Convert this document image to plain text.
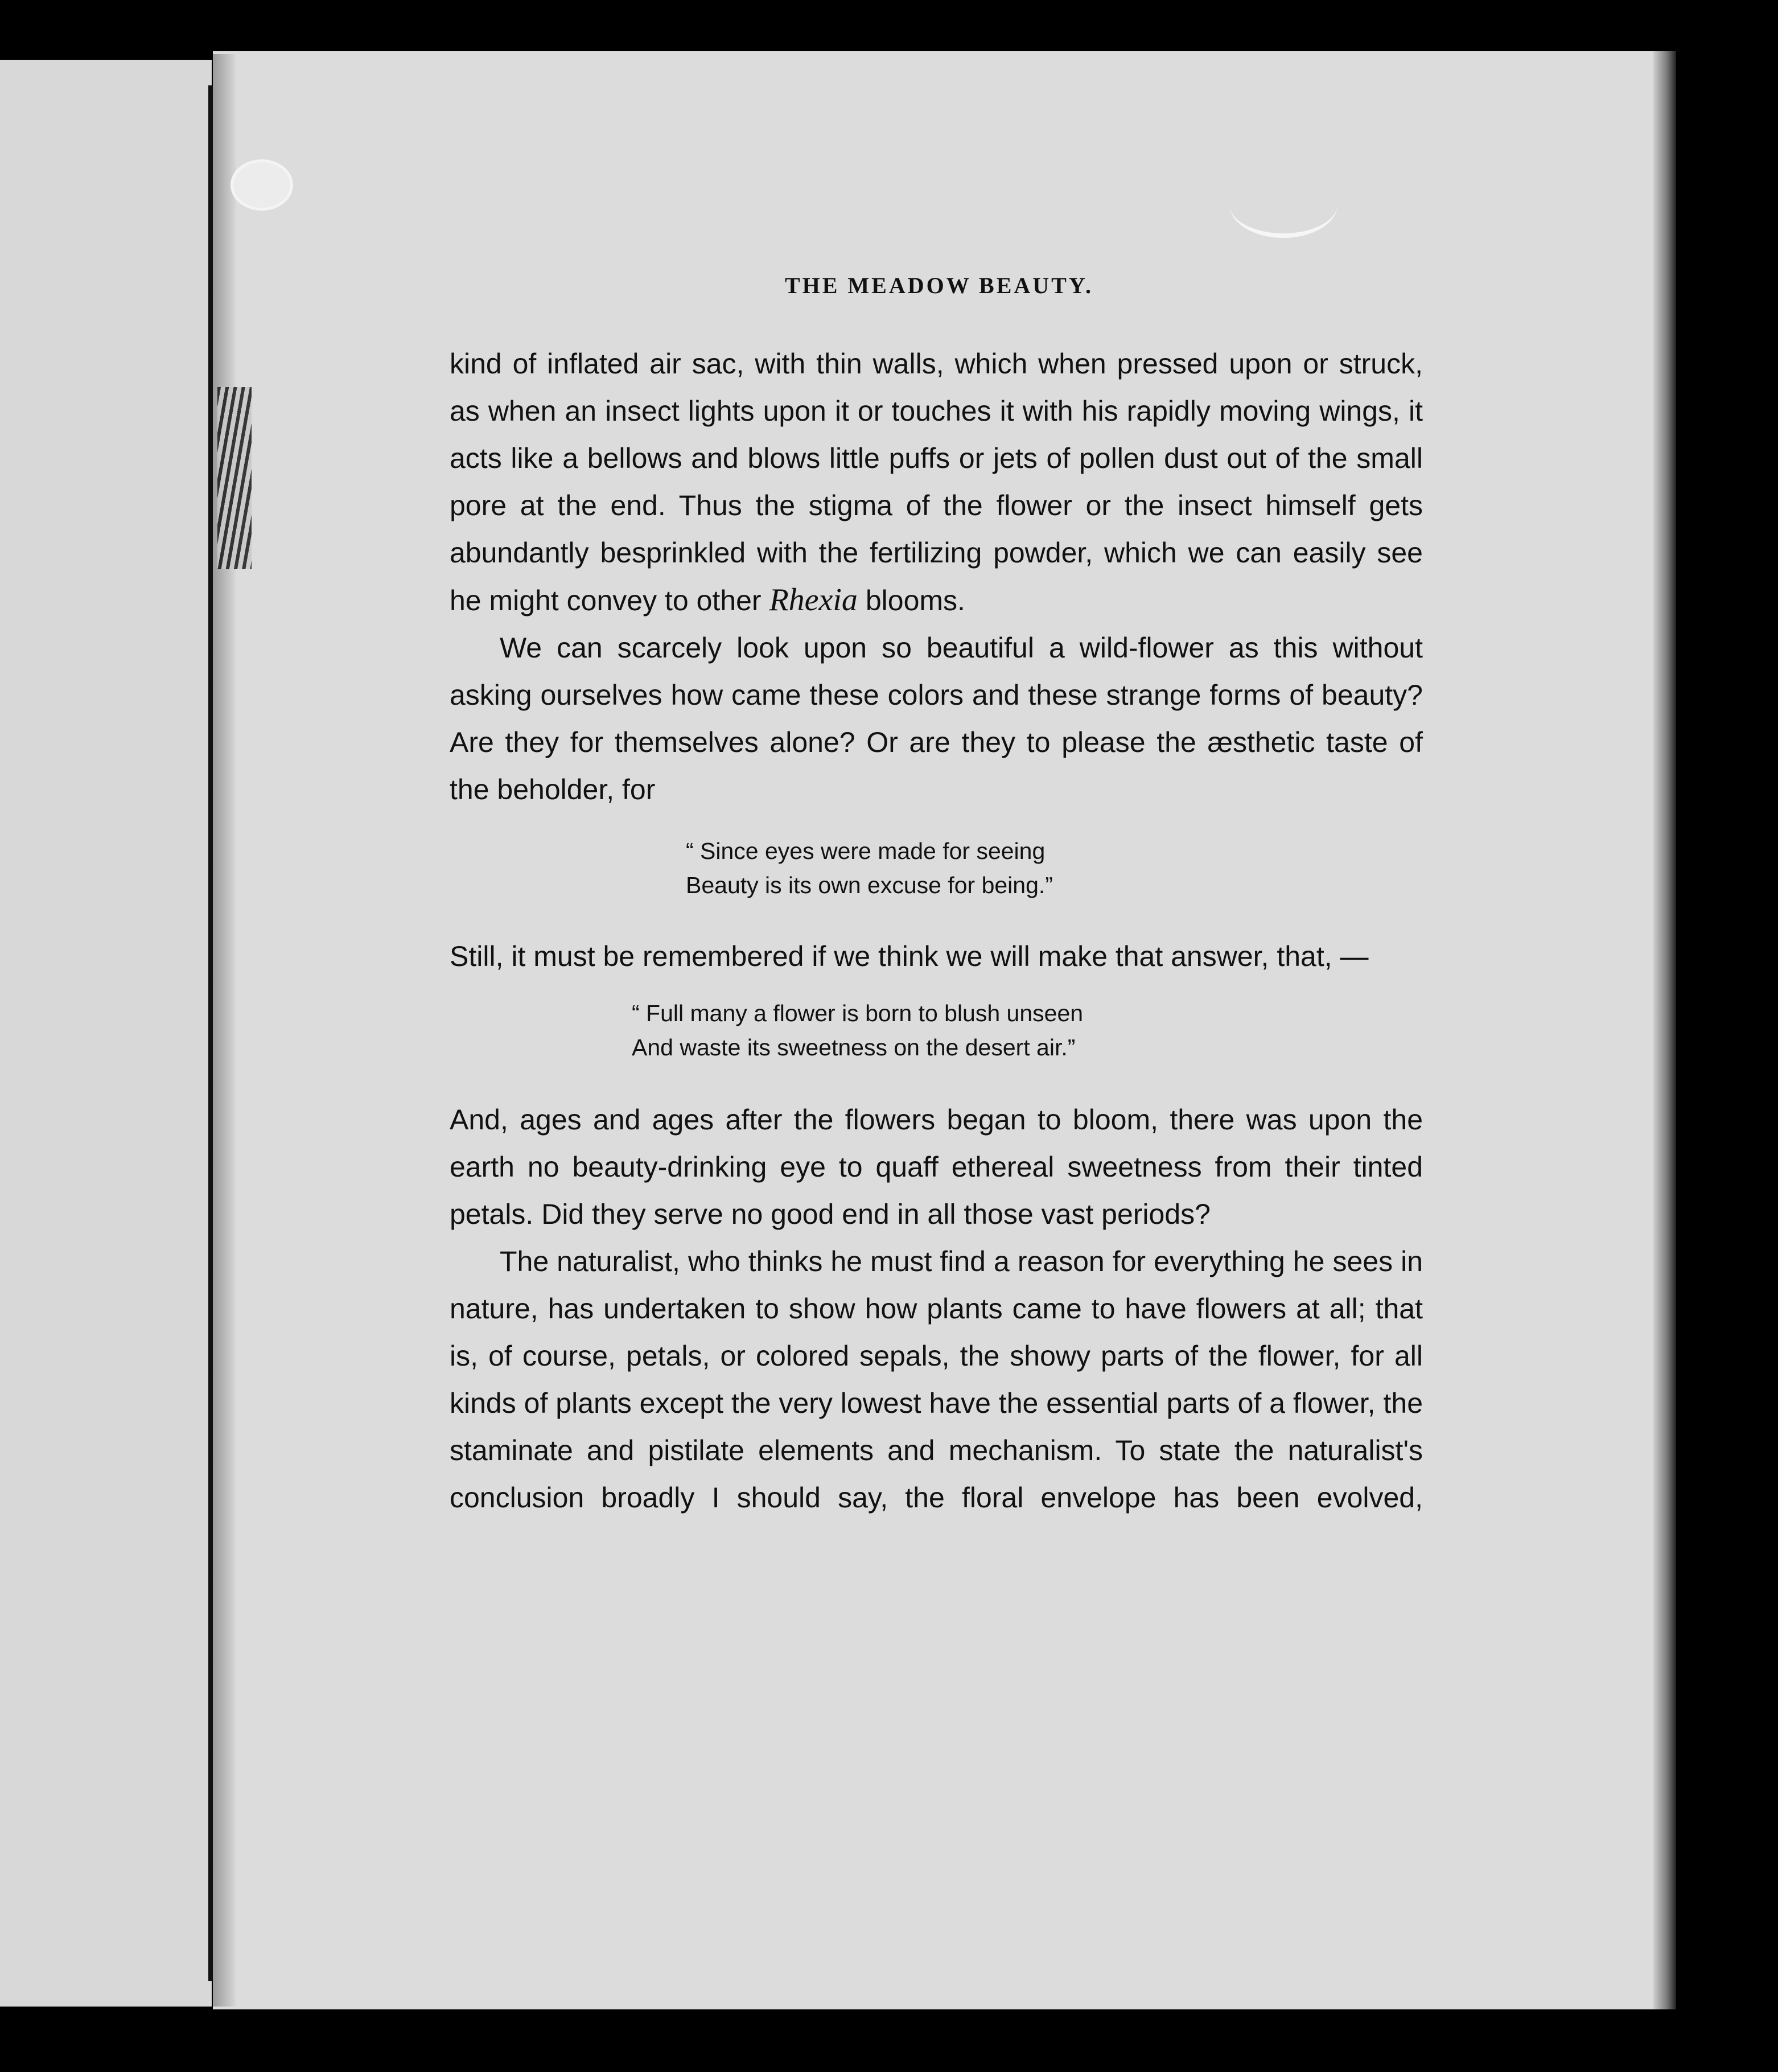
THE MEADOW BEAUTY.

kind of inflated air sac, with thin walls, which when pressed upon or struck, as when an insect lights upon it or touches it with his rapidly moving wings, it acts like a bellows and blows little puffs or jets of pollen dust out of the small pore at the end. Thus the stigma of the flower or the insect himself gets abundantly besprinkled with the fertilizing powder, which we can easily see he might convey to other Rhexia blooms.

We can scarcely look upon so beautiful a wild-flower as this without asking ourselves how came these colors and these strange forms of beauty? Are they for themselves alone? Or are they to please the æsthetic taste of the beholder, for

“ Since eyes were made for seeing
Beauty is its own excuse for being.”

Still, it must be remembered if we think we will make that answer, that, —

“ Full many a flower is born to blush unseen
And waste its sweetness on the desert air.”

And, ages and ages after the flowers began to bloom, there was upon the earth no beauty-drinking eye to quaff ethereal sweetness from their tinted petals. Did they serve no good end in all those vast periods?

The naturalist, who thinks he must find a reason for everything he sees in nature, has undertaken to show how plants came to have flowers at all; that is, of course, petals, or colored sepals, the showy parts of the flower, for all kinds of plants except the very lowest have the essential parts of a flower, the staminate and pistilate elements and mechanism. To state the naturalist's conclusion broadly I should say, the floral envelope has been evolved,
